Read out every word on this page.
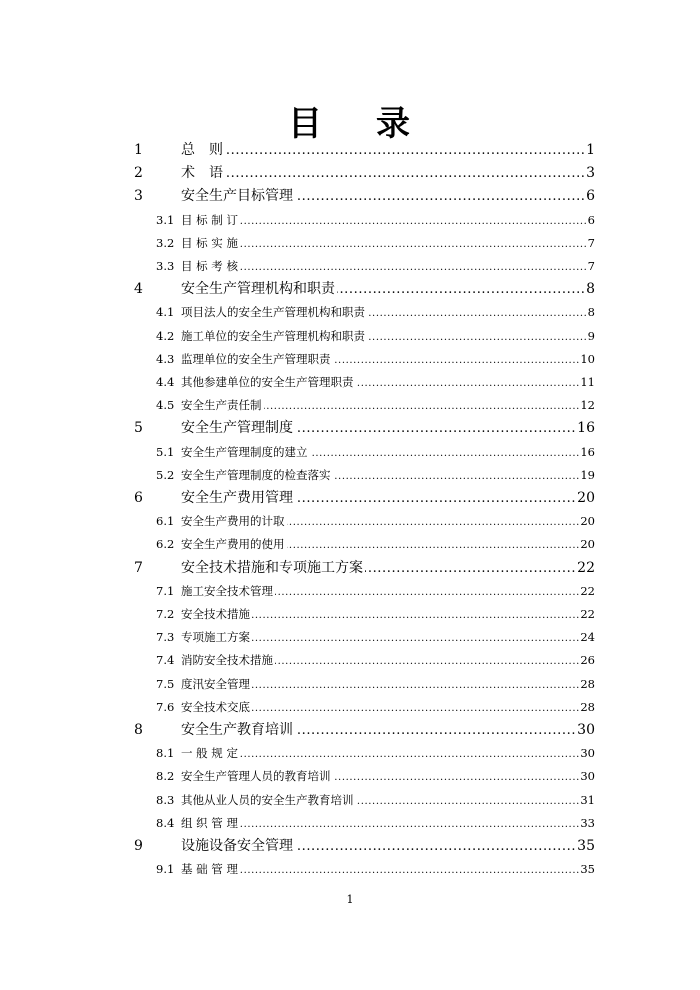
目 录
1 .....	总　则	1
2 .....	术　语	3
3 .....	安全生产目标管理	6
3.1 ..... 目 标 制 订	6
3.2 ..... 目 标 实 施	7
3.3 ..... 目 标 考 核	7
4 .....	安全生产管理机构和职责	8
4.1 ..... 项目法人的安全生产管理机构和职责	8
4.2 ..... 施工单位的安全生产管理机构和职责	9
4.3 ..... 监理单位的安全生产管理职责	10
4.4 ..... 其他参建单位的安全生产管理职责	11
4.5 ..... 安全生产责任制	12
5 .....	安全生产管理制度	16
5.1 ..... 安全生产管理制度的建立	16
5.2 ..... 安全生产管理制度的检查落实	19
6 .....	安全生产费用管理	20
6.1 ..... 安全生产费用的计取	20
6.2 ..... 安全生产费用的使用	20
7 .....	安全技术措施和专项施工方案	22
7.1 ..... 施工安全技术管理	22
7.2 ..... 安全技术措施	22
7.3 ..... 专项施工方案	24
7.4 ..... 消防安全技术措施	26
7.5 ..... 度汛安全管理	28
7.6 ..... 安全技术交底	28
8 .....	安全生产教育培训	30
8.1 ..... 一 般 规 定	30
8.2 ..... 安全生产管理人员的教育培训	30
8.3 ..... 其他从业人员的安全生产教育培训	31
8.4 ..... 组 织 管 理	33
9 .....	设施设备安全管理	35
9.1 ..... 基 础 管 理	35
1
